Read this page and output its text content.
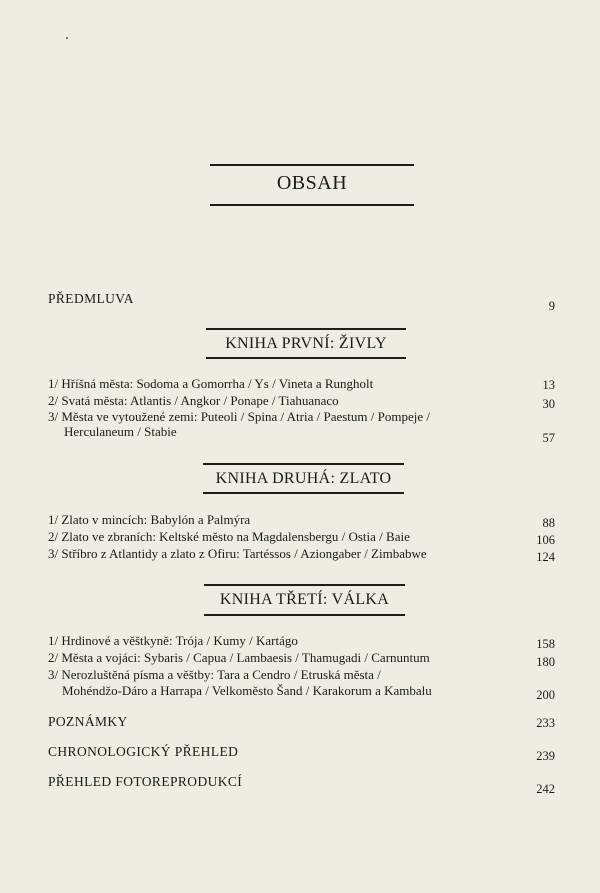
OBSAH
PŘEDMLUVA	9
KNIHA PRVNÍ: ŽIVLY
1/ Hříšná města: Sodoma a Gomorrha / Ys / Vineta a Rungholt	13
2/ Svatá města: Atlantis / Angkor / Ponape / Tiahuanaco	30
3/ Města ve vytoužené zemi: Puteoli / Spina / Atria / Paestum / Pompeje /
Herculaneum / Stabie	57
KNIHA DRUHÁ: ZLATO
1/ Zlato v mincích: Babylón a Palmýra	88
2/ Zlato ve zbraních: Keltské město na Magdalensbergu / Ostia / Baie	106
3/ Stříbro z Atlantidy a zlato z Ofiru: Tartéssos / Aziongaber / Zimbabwe	124
KNIHA TŘETÍ: VÁLKA
1/ Hrdinové a věštkyně: Trója / Kumy / Kartágo	158
2/ Města a vojáci: Sybaris / Capua / Lambaesis / Thamugadi / Carnuntum	180
3/ Nerozluštěná písma a věštby: Tara a Cendro / Etruská města /
Mohéndžo-Dáro a Harrapa / Velkoměsto Šand / Karakorum a Kambalu	200
POZNÁMKY	233
CHRONOLOGICKÝ PŘEHLED	239
PŘEHLED FOTOREPRODUKCÍ	242
